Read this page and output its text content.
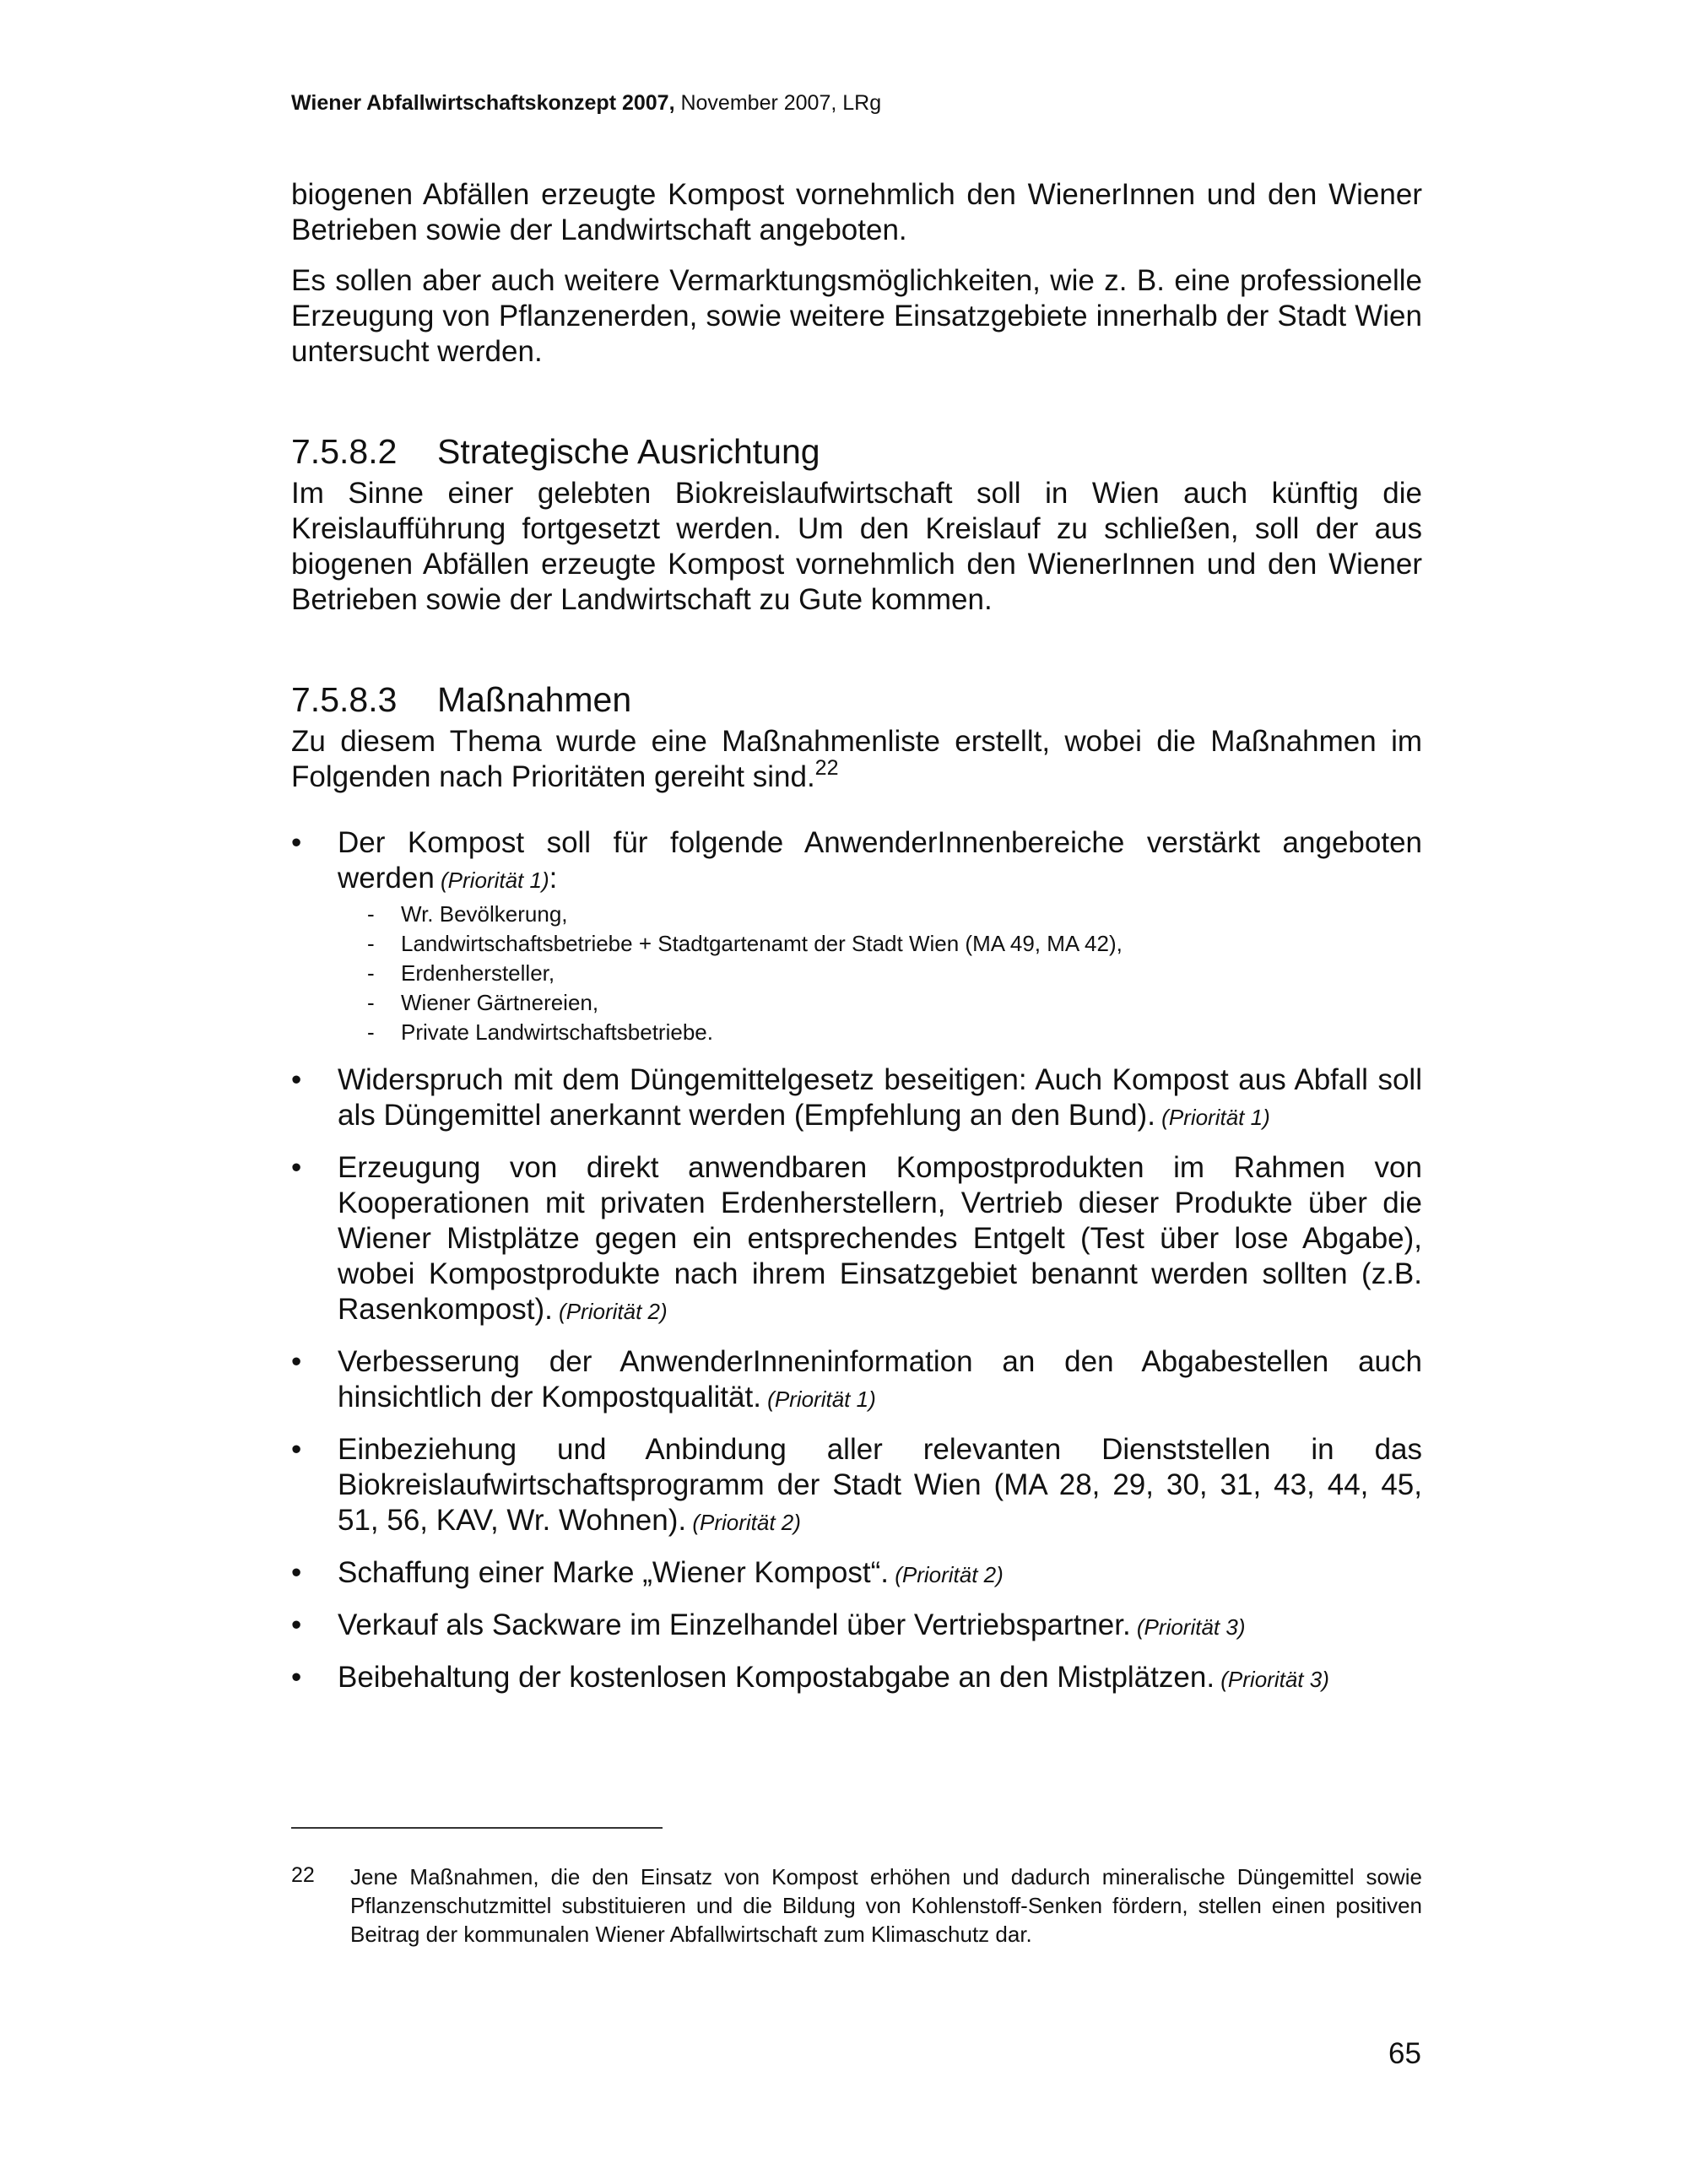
Wiener Abfallwirtschaftskonzept 2007, November 2007, LRg

biogenen Abfällen erzeugte Kompost vornehmlich den WienerInnen und den Wiener Betrieben sowie der Landwirtschaft angeboten.

Es sollen aber auch weitere Vermarktungsmöglichkeiten, wie z. B. eine professionelle Erzeugung von Pflanzenerden, sowie weitere Einsatzgebiete innerhalb der Stadt Wien untersucht werden.

7.5.8.2 Strategische Ausrichtung

Im Sinne einer gelebten Biokreislaufwirtschaft soll in Wien auch künftig die Kreislaufführung fortgesetzt werden. Um den Kreislauf zu schließen, soll der aus biogenen Abfällen erzeugte Kompost vornehmlich den WienerInnen und den Wiener Betrieben sowie der Landwirtschaft zu Gute kommen.

7.5.8.3 Maßnahmen

Zu diesem Thema wurde eine Maßnahmenliste erstellt, wobei die Maßnahmen im Folgenden nach Prioritäten gereiht sind.$^{22}$

•	Der Kompost soll für folgende AnwenderInnenbereiche verstärkt angeboten werden (Priorität 1):
- Wr. Bevölkerung,
- Landwirtschaftsbetriebe + Stadtgartenamt der Stadt Wien (MA 49, MA 42),
- Erdenhersteller,
- Wiener Gärtnereien,
- Private Landwirtschaftsbetriebe.
•	Widerspruch mit dem Düngemittelgesetz beseitigen: Auch Kompost aus Abfall soll als Düngemittel anerkannt werden (Empfehlung an den Bund). (Priorität 1)
•	Erzeugung von direkt anwendbaren Kompostprodukten im Rahmen von Kooperationen mit privaten Erdenherstellern, Vertrieb dieser Produkte über die Wiener Mistplätze gegen ein entsprechendes Entgelt (Test über lose Abgabe), wobei Kompostprodukte nach ihrem Einsatzgebiet benannt werden sollten (z.B. Rasenkompost). (Priorität 2)
•	Verbesserung der AnwenderInneninformation an den Abgabestellen auch hinsichtlich der Kompostqualität. (Priorität 1)
•	Einbeziehung und Anbindung aller relevanten Dienststellen in das Biokreislaufwirtschaftsprogramm der Stadt Wien (MA 28, 29, 30, 31, 43, 44, 45, 51, 56, KAV, Wr. Wohnen). (Priorität 2)
•	Schaffung einer Marke „Wiener Kompost“. (Priorität 2)
•	Verkauf als Sackware im Einzelhandel über Vertriebspartner. (Priorität 3)
•	Beibehaltung der kostenlosen Kompostabgabe an den Mistplätzen. (Priorität 3)
22 Jene Maßnahmen, die den Einsatz von Kompost erhöhen und dadurch mineralische Düngemittel sowie Pflanzenschutzmittel substituieren und die Bildung von Kohlenstoff-Senken fördern, stellen einen positiven Beitrag der kommunalen Wiener Abfallwirtschaft zum Klimaschutz dar.
65
